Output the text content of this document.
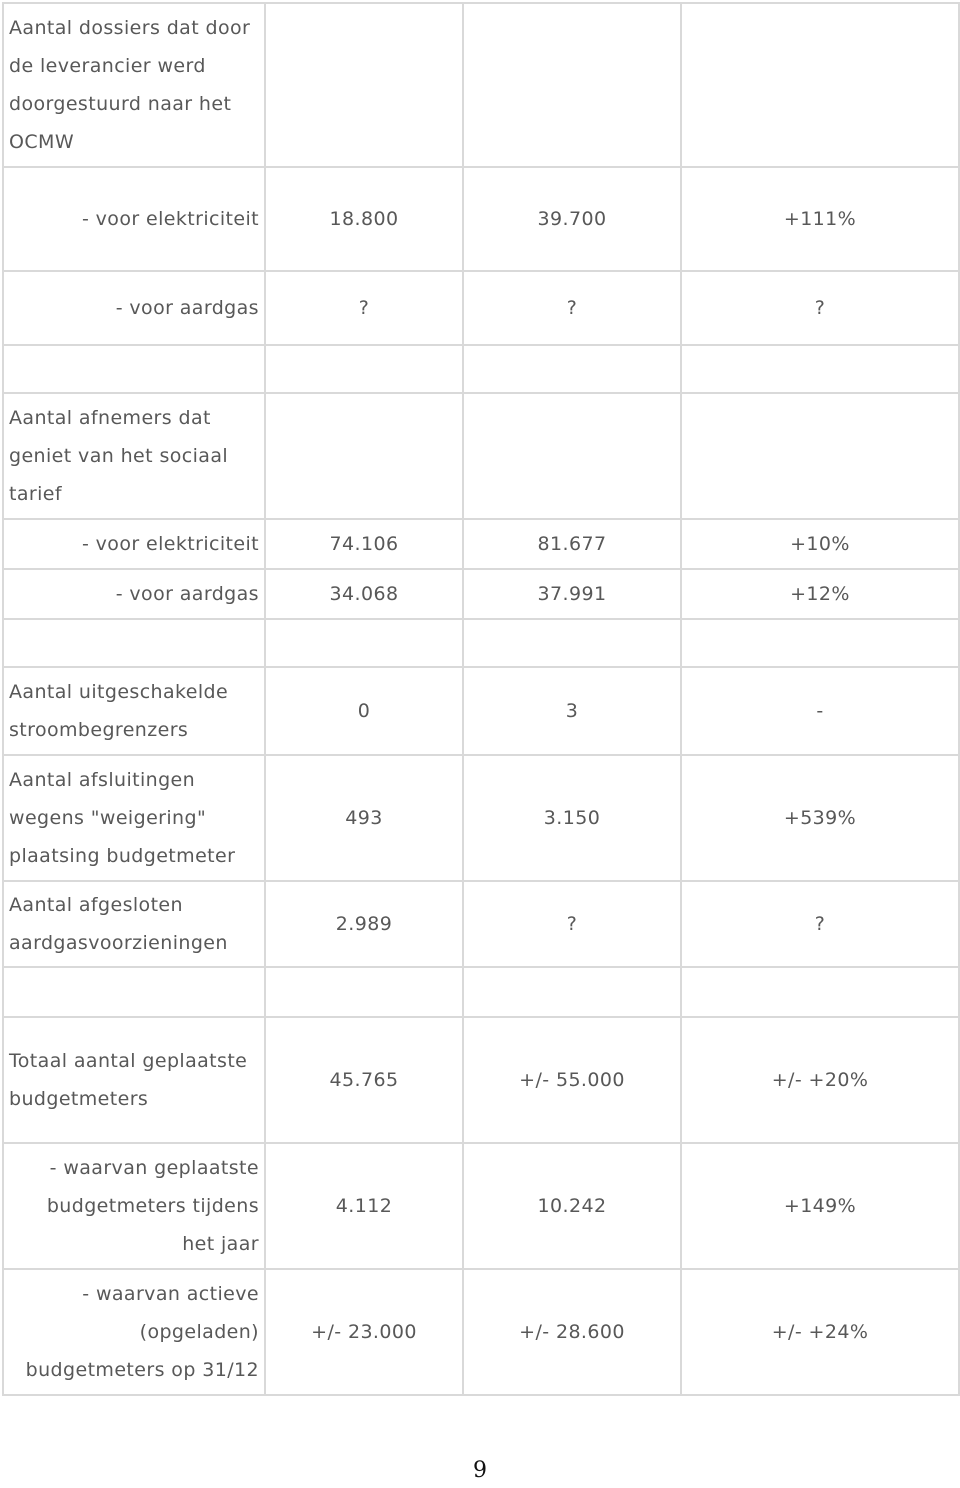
Aantal dossiers dat door de leverancier werd doorgestuurd naar het OCMW			
- voor elektriciteit	18.800	39.700	+111%
- voor aardgas	?	?	?

Aantal afnemers dat geniet van het sociaal tarief			
- voor elektriciteit	74.106	81.677	+10%
- voor aardgas	34.068	37.991	+12%

Aantal uitgeschakelde stroombegrenzers	0	3	-
Aantal afsluitingen wegens "weigering" plaatsing budgetmeter	493	3.150	+539%
Aantal afgesloten aardgasvoorzieningen	2.989	?	?

Totaal aantal geplaatste budgetmeters	45.765	+/- 55.000	+/- +20%
- waarvan geplaatste budgetmeters tijdens het jaar	4.112	10.242	+149%
- waarvan actieve (opgeladen) budgetmeters op 31/12	+/- 23.000	+/- 28.600	+/- +24%
9
